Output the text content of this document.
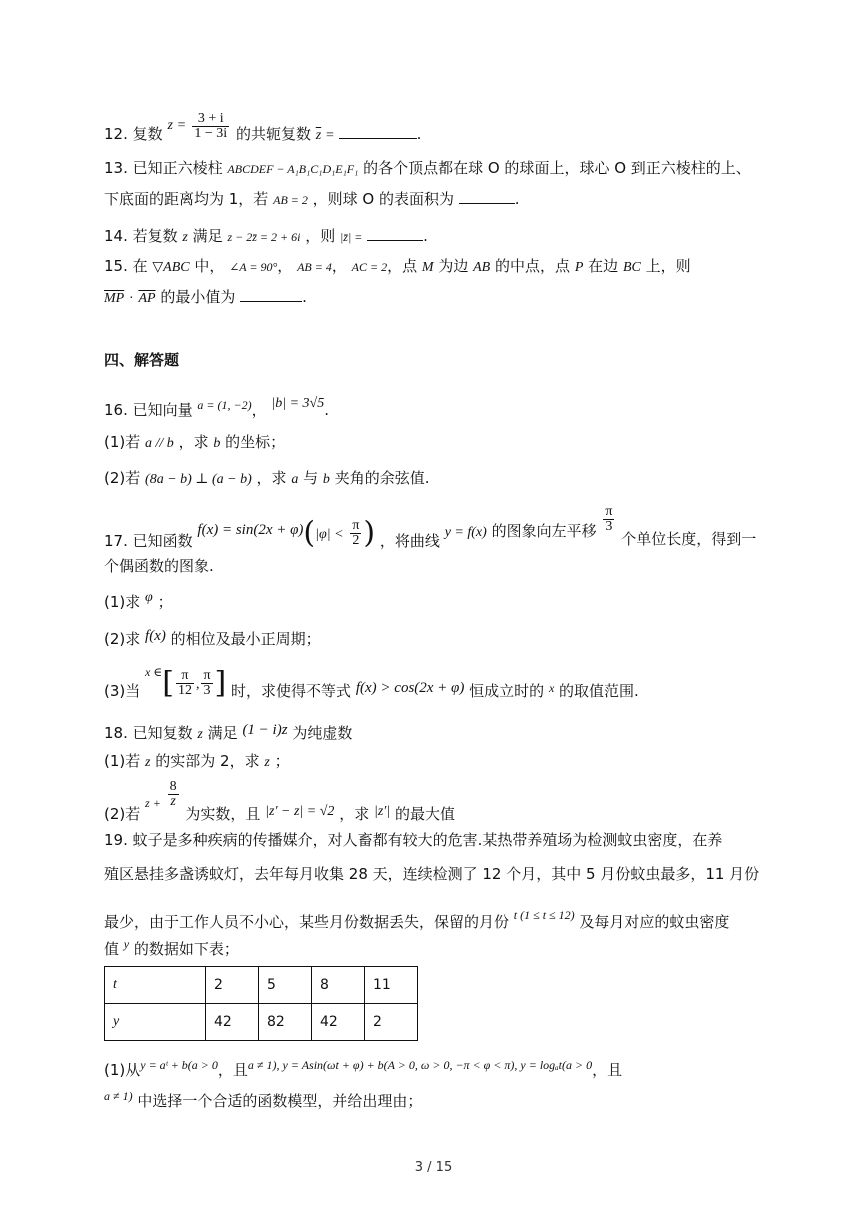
12. 复数 $z = \frac{3 + i}{1 - 3i}$ 的共轭复数 $\overline{z}$ =	.
13. 已知正六棱柱 ABCDEF − A₁B₁C₁D₁E₁F₁ 的各个顶点都在球 O 的球面上，球心 O 到正六棱柱的上、
下底面的距离均为 1，若 AB = 2 ，则球 O 的表面积为	.
14. 若复数 z 满足 z − 2z̄ = 2 + 6i ，则 |z̄| =	.
15. 在 ▽ABC 中， ∠A = 90°， AB = 4， AC = 2，点 M 为边 AB 的中点，点 P 在边 BC 上，则
$\overline{MP} \cdot \overline{AP}$ 的最小值为	.
四、解答题
16. 已知向量 $^{a = (1, -2)}$， |b| = 3√5.
(1)若 a // b ，求 b 的坐标；
(2)若 (8a − b) ⊥ (a − b) ，求 a 与 b 夹角的余弦值.
17. 已知函数 $f(x) = \sin(2x + \varphi)(|\varphi| < \frac{\pi}{2}$ ) ，将曲线 y = f(x) 的图象向左平移 $\frac{\pi}{3}$
个单位长度，得到一
个偶函数的图象.
(1)求 φ ；
(2)求 f(x) 的相位及最小正周期；
(3)当 $^{x \in}[ \frac{\pi}{12}$ , $\frac{\pi}{3}$ ] 时，求使得不等式 f(x) > cos(2x + φ) 恒成立时的 $_x$ 的取值范围.
18. 已知复数 z 满足 (1 − i)z 为纯虚数
(1)若 z 的实部为 2，求 z ；
(2)若 $^{z +} \frac{8}{z}$
为实数，且 |z′ − z| = √2 ，求 |z′| 的最大值
19. 蚊子是多种疾病的传播媒介，对人畜都有较大的危害.某热带养殖场为检测蚊虫密度，在养
殖区悬挂多盏诱蚊灯，去年每月收集 28 天，连续检测了 12 个月，其中 5 月份蚊虫最多，11 月份
最少，由于工作人员不小心，某些月份数据丢失，保留的月份 $^{t (1 \le t \le 12)}$ 及每月对应的蚊虫密度
值 $^y$ 的数据如下表；
t	2	5	8	11
y	42	82	42	2
(1)从$^{y = aᵗ + b(a > 0}$，且$^{a \ne 1), y = Asin(\omega t + \varphi) + b(A > 0, \omega > 0, -\pi < \varphi < \pi), y = log_at(a > 0}$，且
$^{a \ne 1)}$ 中选择一个合适的函数模型，并给出理由；
3 / 15
